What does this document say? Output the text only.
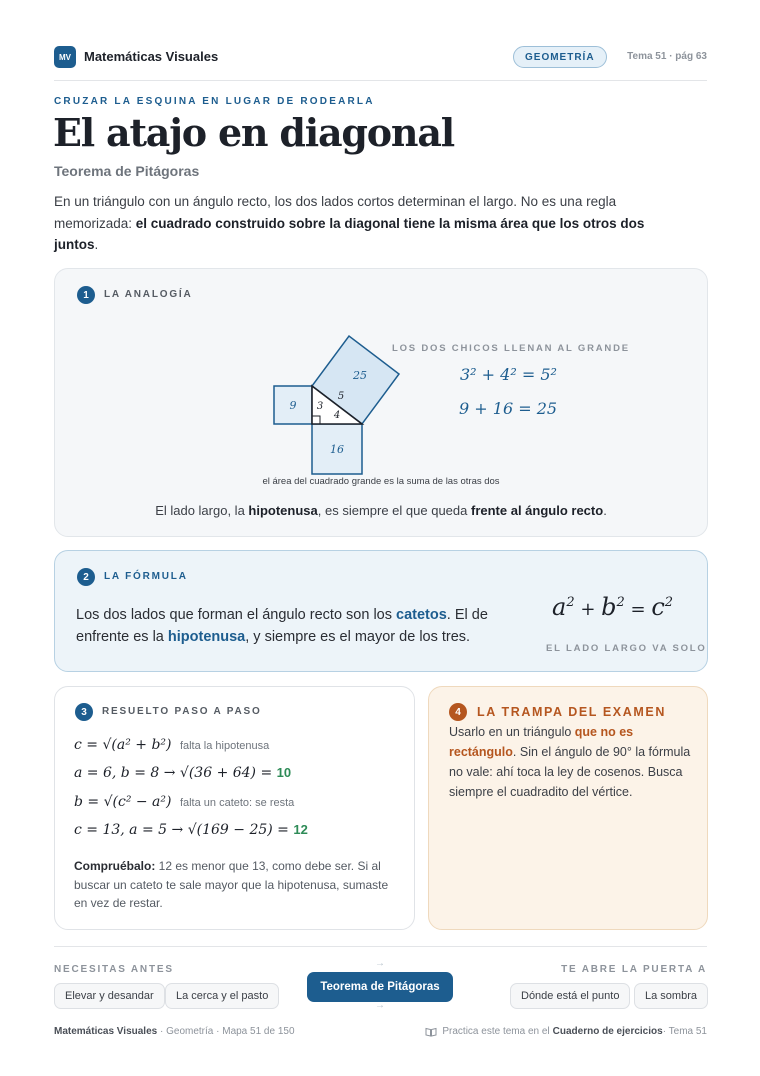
MV	Matemáticas Visuales	GEOMETRÍA	Tema 51 · pág 63
CRUZAR LA ESQUINA EN LUGAR DE RODEARLA
El atajo en diagonal
Teorema de Pitágoras
En un triángulo con un ángulo recto, los dos lados cortos determinan el largo. No es una regla memorizada: el cuadrado construido sobre la diagonal tiene la misma área que los otros dos juntos.
1	LA ANALOGÍA
9
16
25
3
4
5
LOS DOS CHICOS LLENAN AL GRANDE
3² + 4² = 5²
9 + 16 = 25
el área del cuadrado grande es la suma de las otras dos
El lado largo, la hipotenusa, es siempre el que queda frente al ángulo recto.
2	LA FÓRMULA
Los dos lados que forman el ángulo recto son los catetos. El de enfrente es la hipotenusa, y siempre es el mayor de los tres.
$a^2 + b^2 = c^2$
EL LADO LARGO VA SOLO
3	RESUELTO PASO A PASO
c = √(a² + b²) falta la hipotenusa
a = 6, b = 8 → √(36 + 64) = 10
b = √(c² − a²) falta un cateto: se resta
c = 13, a = 5 → √(169 − 25) = 12
Compruébalo: 12 es menor que 13, como debe ser. Si al buscar un cateto te sale mayor que la hipotenusa, sumaste en vez de restar.
4	LA TRAMPA DEL EXAMEN
Usarlo en un triángulo que no es rectángulo. Sin el ángulo de 90° la fórmula no vale: ahí toca la ley de cosenos. Busca siempre el cuadradito del vértice.
NECESITAS ANTES
Elevar y desandar	La cerca y el pasto
→
Teorema de Pitágoras
→
TE ABRE LA PUERTA A
Dónde está el punto	La sombra
Matemáticas Visuales · Geometría · Mapa 51 de 150	Practica este tema en el Cuaderno de ejercicios · Tema 51
